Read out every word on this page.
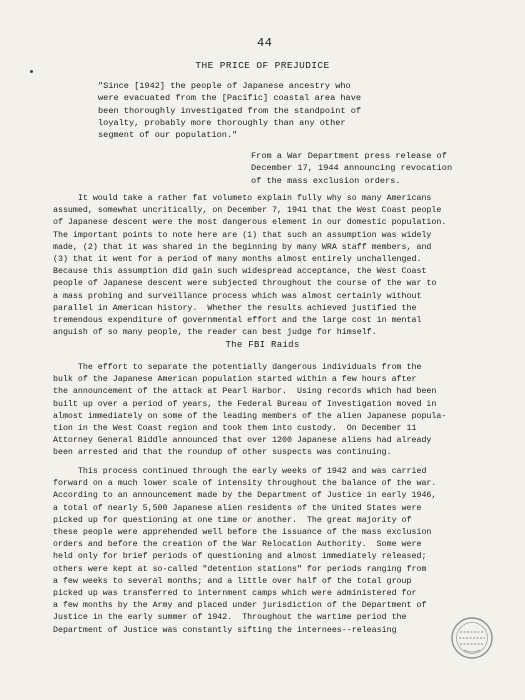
44
THE PRICE OF PREJUDICE
"Since [1942] the people of Japanese ancestry who
were evacuated from the [Pacific] coastal area have
been thoroughly investigated from the standpoint of
loyalty, probably more thoroughly than any other
segment of our population."
From a War Department press release of
December 17, 1944 announcing revocation
of the mass exclusion orders.
It would take a rather fat volumeto explain fully why so many Americans
assumed, somewhat uncritically, on December 7, 1941 that the West Coast people
of Japanese descent were the most dangerous element in our domestic population.
The important points to note here are (1) that such an assumption was widely
made, (2) that it was shared in the beginning by many WRA staff members, and
(3) that it went for a period of many months almost entirely unchallenged.
Because this assumption did gain such widespread acceptance, the West Coast
people of Japanese descent were subjected throughout the course of the war to
a mass probing and surveillance process which was almost certainly without
parallel in American history.  Whether the results achieved justified the
tremendous expenditure of governmental effort and the large cost in mental
anguish of so many people, the reader can best judge for himself.
The FBI Raids
The effort to separate the potentially dangerous individuals from the
bulk of the Japanese American population started within a few hours after
the announcement of the attack at Pearl Harbor.  Using records which had been
built up over a period of years, the Federal Bureau of Investigation moved in
almost immediately on some of the leading members of the alien Japanese popula-
tion in the West Coast region and took them into custody.  On December 11
Attorney General Biddle announced that over 1200 Japanese aliens had already
been arrested and that the roundup of other suspects was continuing.
This process continued through the early weeks of 1942 and was carried
forward on a much lower scale of intensity throughout the balance of the war.
According to an announcement made by the Department of Justice in early 1946,
a total of nearly 5,500 Japanese alien residents of the United States were
picked up for questioning at one time or another.  The great majority of
these people were apprehended well before the issuance of the mass exclusion
orders and before the creation of the War Relocation Authority.  Some were
held only for brief periods of questioning and almost immediately released;
others were kept at so-called "detention stations" for periods ranging from
a few weeks to several months; and a little over half of the total group
picked up was transferred to internment camps which were administered for
a few months by the Army and placed under jurisdiction of the Department of
Justice in the early summer of 1942.  Throughout the wartime period the
Department of Justice was constantly sifting the internees--releasing
